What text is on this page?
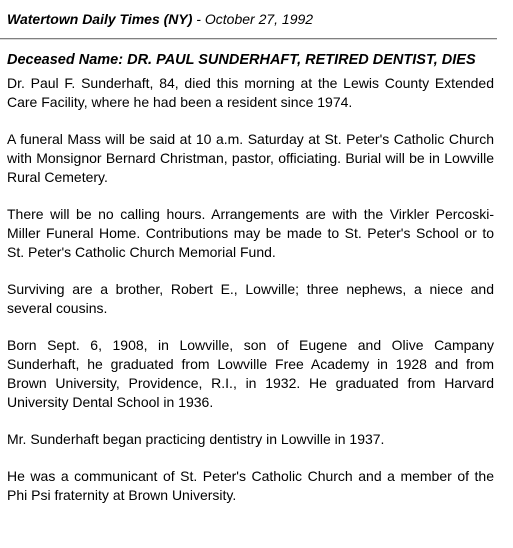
Watertown Daily Times (NY) - October 27, 1992
Deceased Name: DR. PAUL SUNDERHAFT, RETIRED DENTIST, DIES

Dr. Paul F. Sunderhaft, 84, died this morning at the Lewis County Extended Care Facility, where he had been a resident since 1974.

A funeral Mass will be said at 10 a.m. Saturday at St. Peter's Catholic Church with Monsignor Bernard Christman, pastor, officiating. Burial will be in Lowville Rural Cemetery.

There will be no calling hours. Arrangements are with the Virkler Percoski-Miller Funeral Home. Contributions may be made to St. Peter's School or to St. Peter's Catholic Church Memorial Fund.

Surviving are a brother, Robert E., Lowville; three nephews, a niece and several cousins.

Born Sept. 6, 1908, in Lowville, son of Eugene and Olive Campany Sunderhaft, he graduated from Lowville Free Academy in 1928 and from Brown University, Providence, R.I., in 1932. He graduated from Harvard University Dental School in 1936.

Mr. Sunderhaft began practicing dentistry in Lowville in 1937.

He was a communicant of St. Peter's Catholic Church and a member of the Phi Psi fraternity at Brown University.
